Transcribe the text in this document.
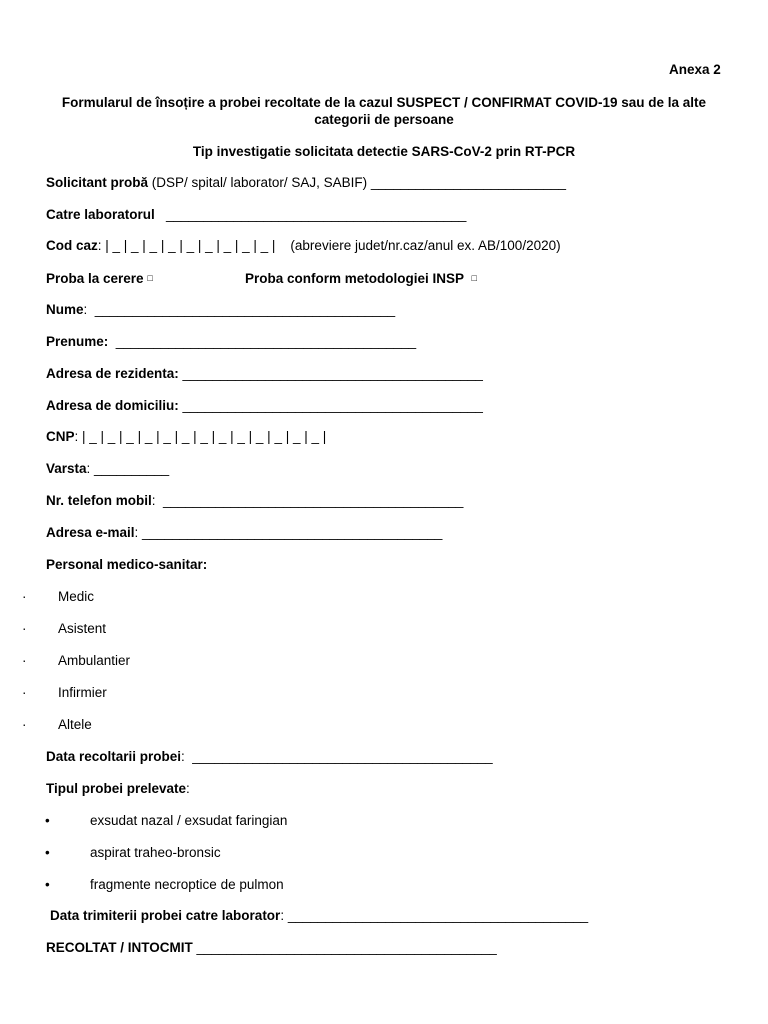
Anexa 2
Formularul de însoțire a probei recoltate de la cazul SUSPECT / CONFIRMAT COVID-19 sau de la alte
categorii de persoane
Tip investigatie solicitata detectie SARS-CoV-2 prin RT-PCR
Solicitant probă (DSP/ spital/ laborator/ SAJ, SABIF) __________________________
Catre laboratorul   ________________________________________
Cod caz: | _ | _ | _ | _ | _ | _ | _ | _ | _ |    (abreviere judet/nr.caz/anul ex. AB/100/2020)
Proba la cerere □	Proba conform metodologiei INSP □
Nume:  ________________________________________
Prenume:  ________________________________________
Adresa de rezidenta: ________________________________________
Adresa de domiciliu: ________________________________________
CNP: | _ | _ | _ | _ | _ | _ | _ | _ | _ | _ | _ | _ | _ |
Varsta: __________
Nr. telefon mobil:  ________________________________________
Adresa e-mail: ________________________________________
Personal medico-sanitar:
· Medic
· Asistent
· Ambulantier
· Infirmier
· Altele
Data recoltarii probei:  ________________________________________
Tipul probei prelevate:
•	exsudat nazal / exsudat faringian
•	aspirat traheo-bronsic
•	fragmente necroptice de pulmon
Data trimiterii probei catre laborator: ________________________________________
RECOLTAT / INTOCMIT ________________________________________
